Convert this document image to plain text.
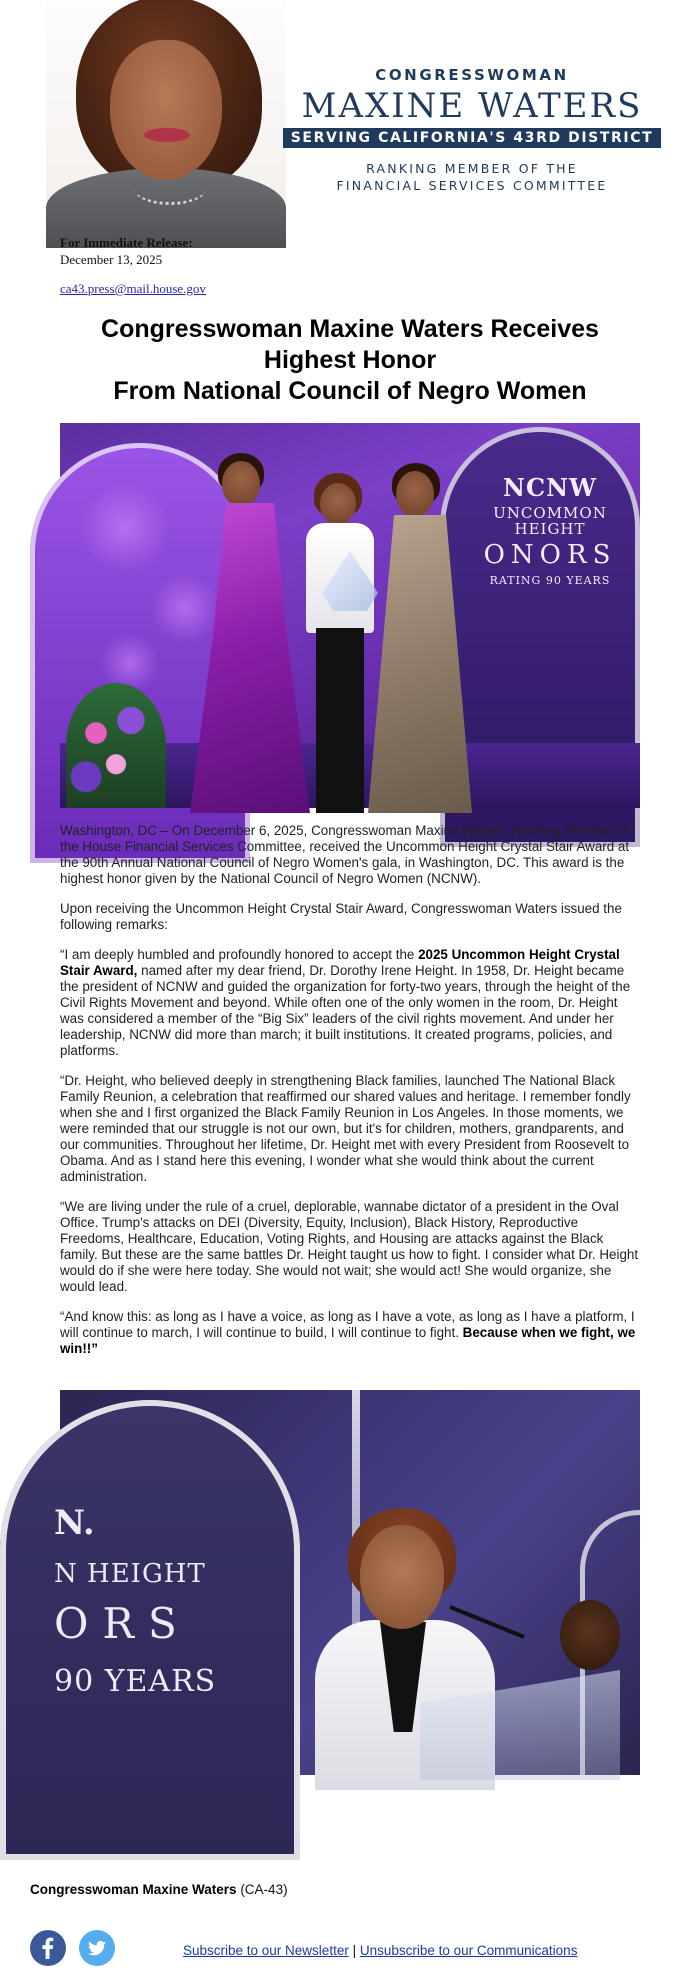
CONGRESSWOMAN
MAXINE WATERS
SERVING CALIFORNIA'S 43RD DISTRICT
RANKING MEMBER OF THE
FINANCIAL SERVICES COMMITTEE
For Immediate Release:
December 13, 2025
ca43.press@mail.house.gov
Congresswoman Maxine Waters Receives
Highest Honor
From National Council of Negro Women
NCNW
UNCOMMON HEIGHT
ONORS
RATING 90 YEARS

Washington, DC – On December 6, 2025, Congresswoman Maxine Waters, Ranking Member of the House Financial Services Committee, received the Uncommon Height Crystal Stair Award at the 90th Annual National Council of Negro Women's gala, in Washington, DC. This award is the highest honor given by the National Council of Negro Women (NCNW).

Upon receiving the Uncommon Height Crystal Stair Award, Congresswoman Waters issued the following remarks:

“I am deeply humbled and profoundly honored to accept the 2025 Uncommon Height Crystal Stair Award, named after my dear friend, Dr. Dorothy Irene Height. In 1958, Dr. Height became the president of NCNW and guided the organization for forty-two years, through the height of the Civil Rights Movement and beyond. While often one of the only women in the room, Dr. Height was considered a member of the “Big Six” leaders of the civil rights movement. And under her leadership, NCNW did more than march; it built institutions. It created programs, policies, and platforms.

“Dr. Height, who believed deeply in strengthening Black families, launched The National Black Family Reunion, a celebration that reaffirmed our shared values and heritage. I remember fondly when she and I first organized the Black Family Reunion in Los Angeles. In those moments, we were reminded that our struggle is not our own, but it's for children, mothers, grandparents, and our communities. Throughout her lifetime, Dr. Height met with every President from Roosevelt to Obama. And as I stand here this evening, I wonder what she would think about the current administration.

“We are living under the rule of a cruel, deplorable, wannabe dictator of a president in the Oval Office. Trump's attacks on DEI (Diversity, Equity, Inclusion), Black History, Reproductive Freedoms, Healthcare, Education, Voting Rights, and Housing are attacks against the Black family. But these are the same battles Dr. Height taught us how to fight. I consider what Dr. Height would do if she were here today. She would not wait; she would act! She would organize, she would lead.

“And know this: as long as I have a voice, as long as I have a vote, as long as I have a platform, I will continue to march, I will continue to build, I will continue to fight. Because when we fight, we win!!”

N.
N HEIGHT
ORS
90 YEARS
Congresswoman Maxine Waters (CA-43)
Subscribe to our Newsletter | Unsubscribe to our Communications
